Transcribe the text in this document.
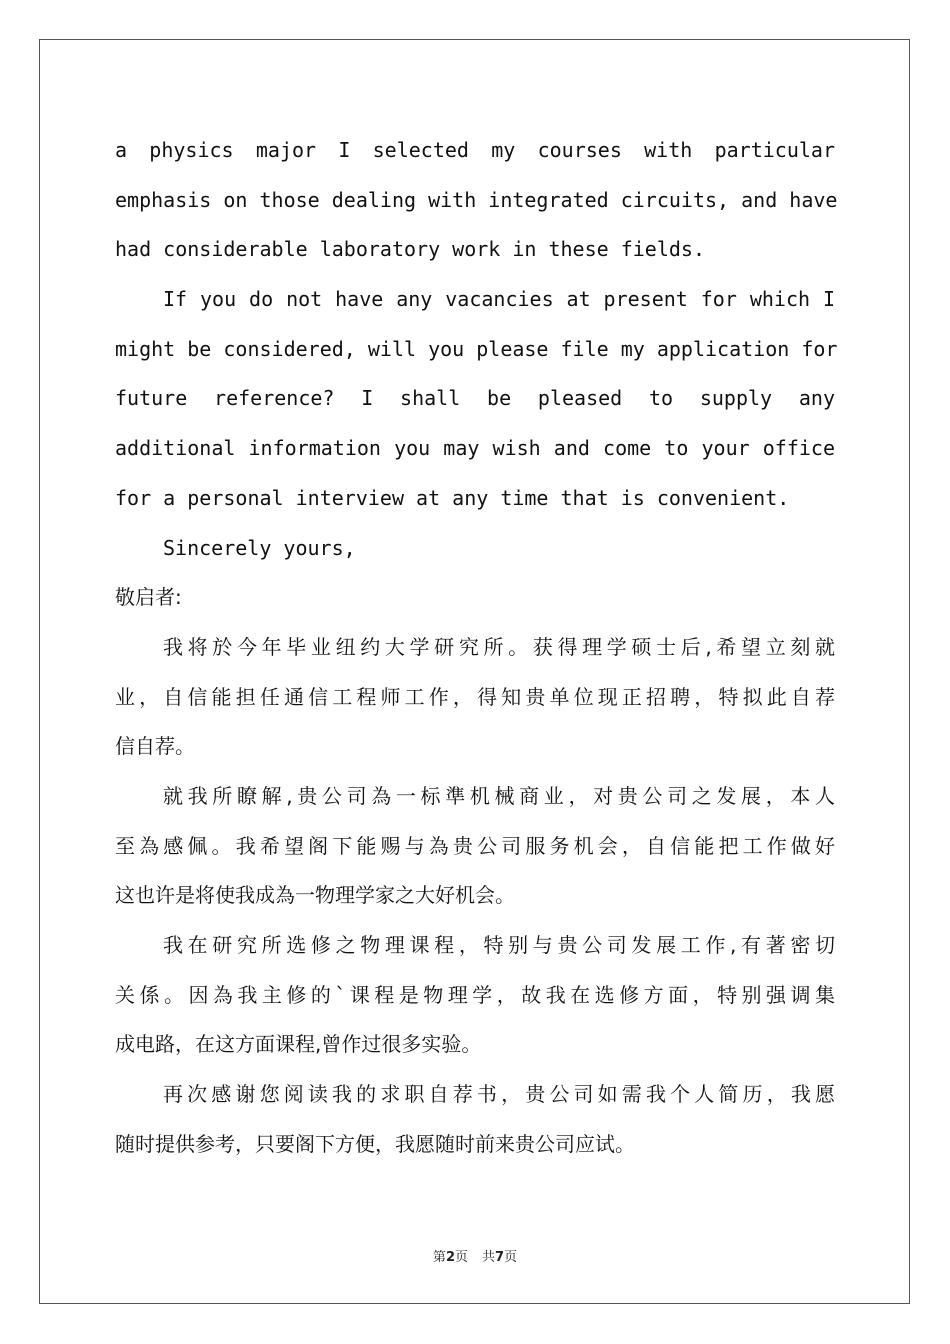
a physics major I selected my courses with particular
emphasis on those dealing with integrated circuits, and have
had considerable laboratory work in these fields.
If you do not have any vacancies at present for which I
might be considered, will you please file my application for
future reference? I shall be pleased to supply any
additional information you may wish and come to your office
for a personal interview at any time that is convenient.
Sincerely yours,
敬启者:
我将於今年毕业纽约大学研究所。获得理学硕士后,希望立刻就
业，自信能担任通信工程师工作，得知贵单位现正招聘，特拟此自荐
信自荐。
就我所瞭解,贵公司為一标準机械商业，对贵公司之发展，本人
至為感佩。我希望阁下能赐与為贵公司服务机会，自信能把工作做好
这也许是将使我成為一物理学家之大好机会。
我在研究所选修之物理课程，特别与贵公司发展工作,有著密切
关係。因為我主修的`课程是物理学，故我在选修方面，特别强调集
成电路，在这方面课程,曾作过很多实验。
再次感谢您阅读我的求职自荐书，贵公司如需我个人简历，我愿
随时提供参考，只要阁下方便，我愿随时前来贵公司应试。
第2页 共7页
